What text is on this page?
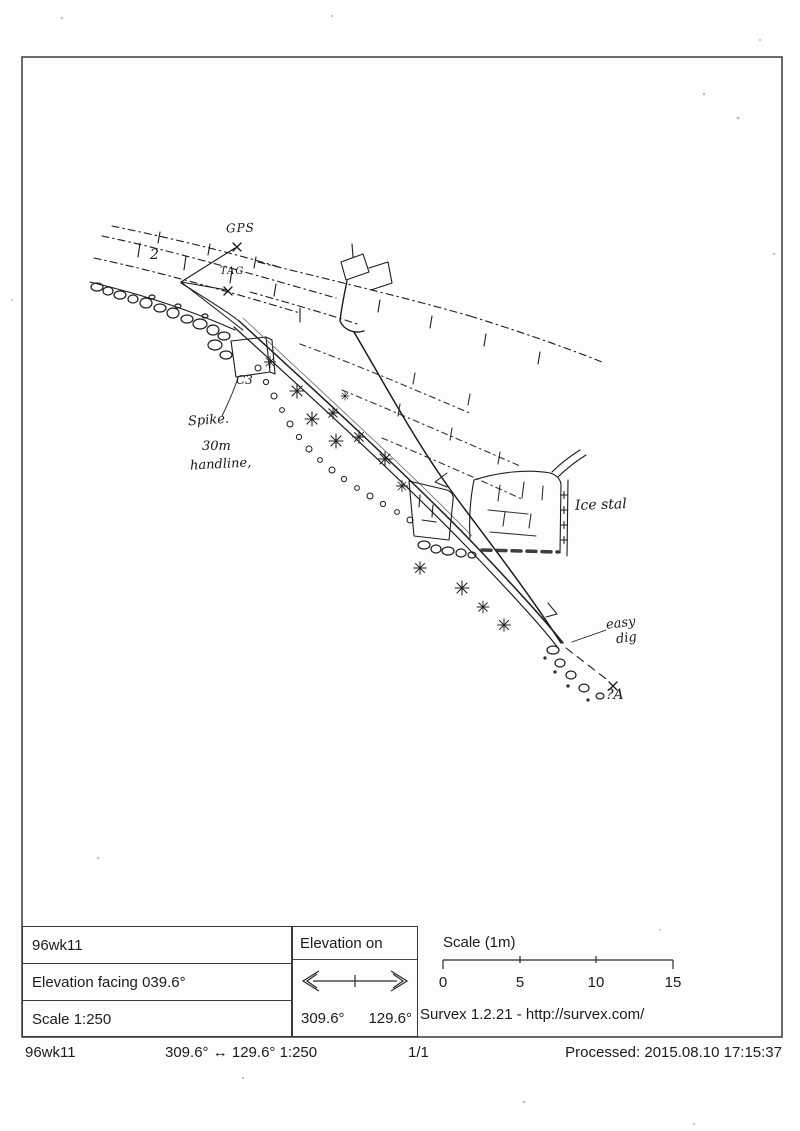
2
GPS
TAG
C3
Spike.
30m
handline,
Ice stal
easy
dig
?A
96wk11
Elevation facing 039.6°
Scale 1:250
Elevation on
309.6° 129.6°
Scale (1m)
0	5	10	15
Survex 1.2.21 - http://survex.com/
96wk11	309.6° ↔ 129.6° 1:250	1/1	Processed: 2015.08.10 17:15:37
